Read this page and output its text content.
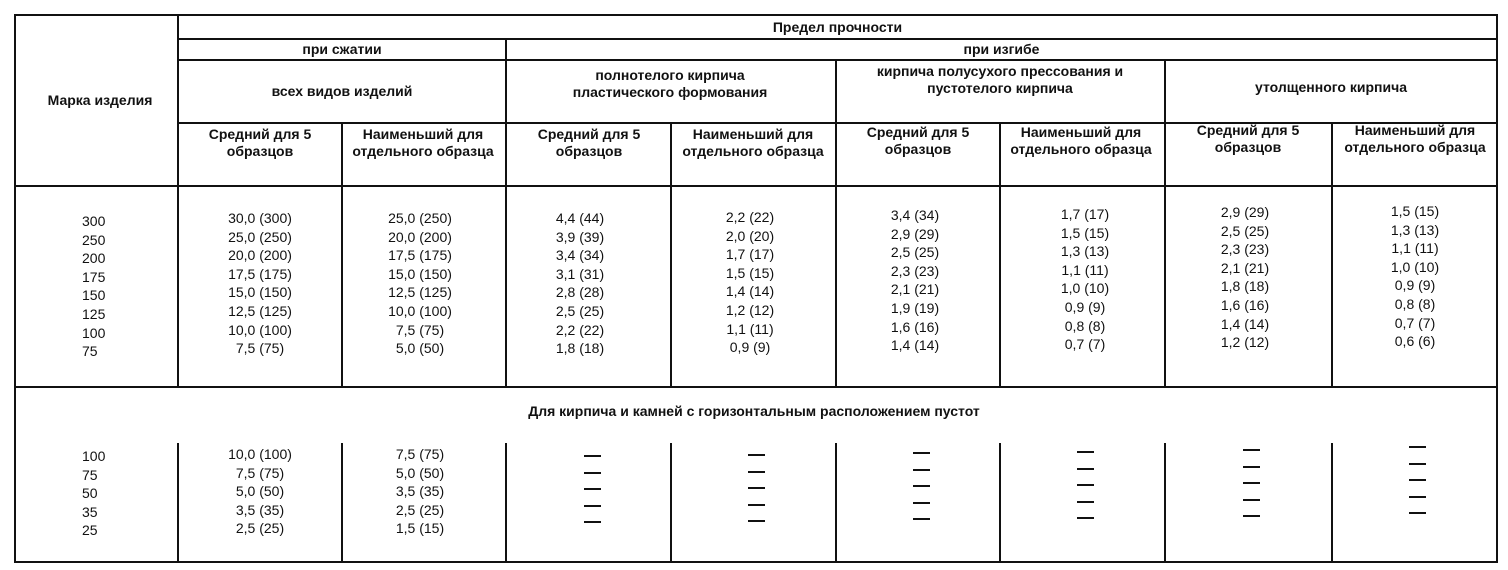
Марка изделия
Предел прочности
при сжатии	при изгибе
всех видов изделий
полнотелого кирпича пластического формования
кирпича полусухого прессования и пустотелого кирпича	утолщенного кирпича
Средний для 5 образцов
Наименьший для отдельного образца
Средний для 5 образцов
Наименьший для отдельного образца
Средний для 5 образцов
Наименьший для отдельного образца
Средний для 5 образцов
Наименьший для отдельного образца
300
250
200
175
150
125
100
75
30,0 (300)
25,0 (250)
20,0 (200)
17,5 (175)
15,0 (150)
12,5 (125)
10,0 (100)
7,5 (75)
25,0 (250)
20,0 (200)
17,5 (175)
15,0 (150)
12,5 (125)
10,0 (100)
7,5 (75)
5,0 (50)
4,4 (44)
3,9 (39)
3,4 (34)
3,1 (31)
2,8 (28)
2,5 (25)
2,2 (22)
1,8 (18)
2,2 (22)
2,0 (20)
1,7 (17)
1,5 (15)
1,4 (14)
1,2 (12)
1,1 (11)
0,9 (9)
3,4 (34)
2,9 (29)
2,5 (25)
2,3 (23)
2,1 (21)
1,9 (19)
1,6 (16)
1,4 (14)
1,7 (17)
1,5 (15)
1,3 (13)
1,1 (11)
1,0 (10)
0,9 (9)
0,8 (8)
0,7 (7)
2,9 (29)
2,5 (25)
2,3 (23)
2,1 (21)
1,8 (18)
1,6 (16)
1,4 (14)
1,2 (12)
1,5 (15)
1,3 (13)
1,1 (11)
1,0 (10)
0,9 (9)
0,8 (8)
0,7 (7)
0,6 (6)
Для кирпича и камней с горизонтальным расположением пустот
100
75
50
35
25
10,0 (100)
7,5 (75)
5,0 (50)
3,5 (35)
2,5 (25)
7,5 (75)
5,0 (50)
3,5 (35)
2,5 (25)
1,5 (15)
